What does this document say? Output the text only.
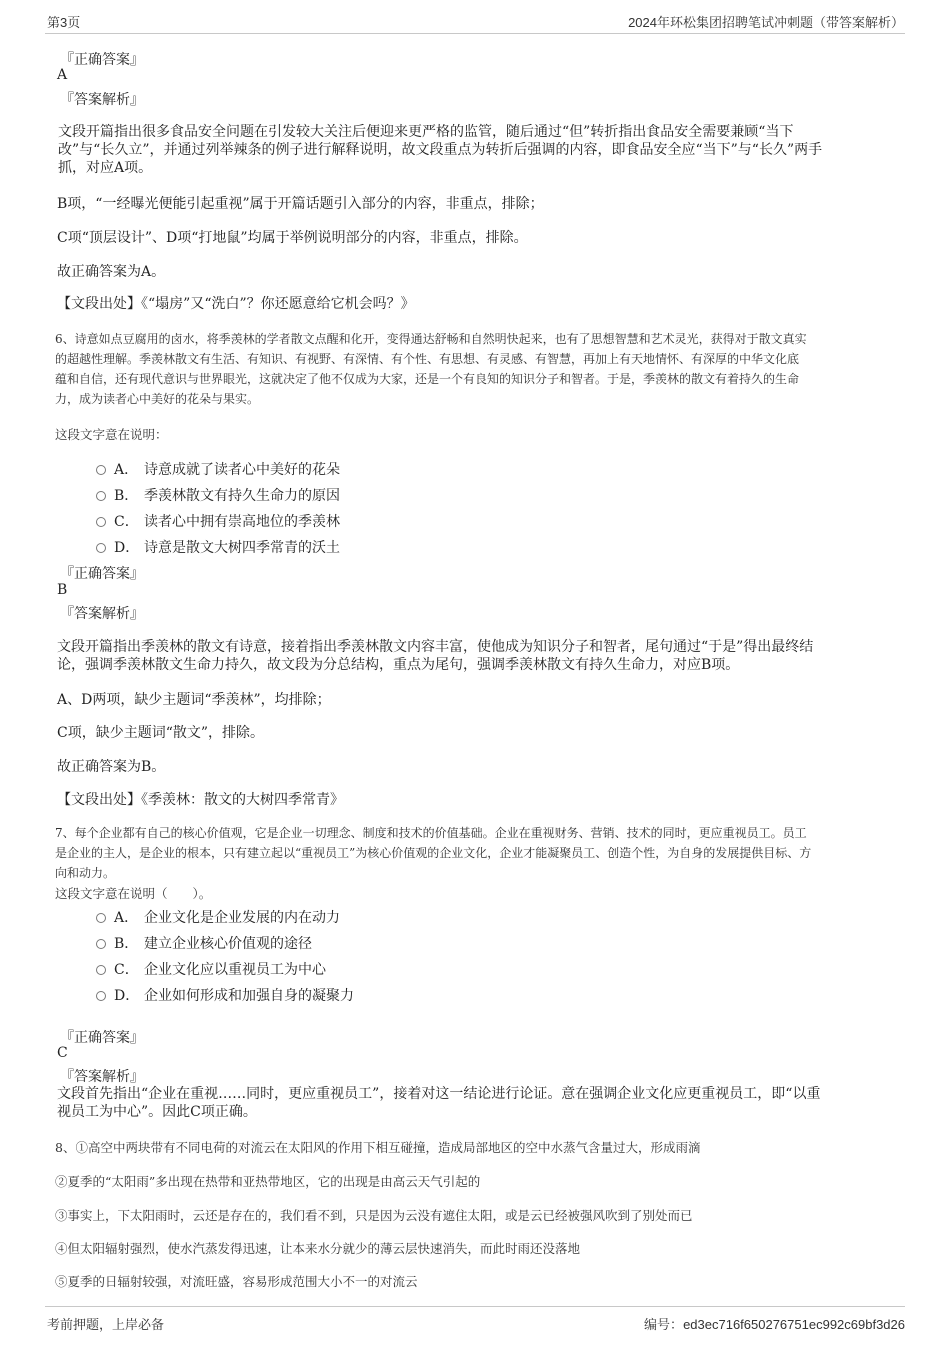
第3页	2024年环松集团招聘笔试冲刺题（带答案解析）
『正确答案』
A
『答案解析』
文段开篇指出很多食品安全问题在引发较大关注后便迎来更严格的监管，随后通过“但”转折指出食品安全需要兼顾“当下
改”与“长久立”，并通过列举辣条的例子进行解释说明，故文段重点为转折后强调的内容，即食品安全应“当下”与“长久”两手
抓，对应A项。
B项，“一经曝光便能引起重视”属于开篇话题引入部分的内容，非重点，排除；
C项“顶层设计”、D项“打地鼠”均属于举例说明部分的内容，非重点，排除。
故正确答案为A。
【文段出处】《“塌房”又“洗白”？你还愿意给它机会吗？》
6、诗意如点豆腐用的卤水，将季羡林的学者散文点醒和化开，变得通达舒畅和自然明快起来，也有了思想智慧和艺术灵光，获得对于散文真实
的超越性理解。季羡林散文有生活、有知识、有视野、有深情、有个性、有思想、有灵感、有智慧，再加上有天地情怀、有深厚的中华文化底
蕴和自信，还有现代意识与世界眼光，这就决定了他不仅成为大家，还是一个有良知的知识分子和智者。于是，季羡林的散文有着持久的生命
力，成为读者心中美好的花朵与果实。
这段文字意在说明：
A． 诗意成就了读者心中美好的花朵
B． 季羡林散文有持久生命力的原因
C． 读者心中拥有崇高地位的季羡林
D． 诗意是散文大树四季常青的沃土
『正确答案』
B
『答案解析』
文段开篇指出季羡林的散文有诗意，接着指出季羡林散文内容丰富，使他成为知识分子和智者，尾句通过“于是”得出最终结
论，强调季羡林散文生命力持久，故文段为分总结构，重点为尾句，强调季羡林散文有持久生命力，对应B项。
A、D两项，缺少主题词“季羡林”，均排除；
C项，缺少主题词“散文”，排除。
故正确答案为B。
【文段出处】《季羡林：散文的大树四季常青》
7、每个企业都有自己的核心价值观，它是企业一切理念、制度和技术的价值基础。企业在重视财务、营销、技术的同时，更应重视员工。员工
是企业的主人，是企业的根本，只有建立起以“重视员工”为核心价值观的企业文化，企业才能凝聚员工、创造个性，为自身的发展提供目标、方
向和动力。
这段文字意在说明（　　）。
A． 企业文化是企业发展的内在动力
B． 建立企业核心价值观的途径
C． 企业文化应以重视员工为中心
D． 企业如何形成和加强自身的凝聚力
『正确答案』
C
『答案解析』
文段首先指出“企业在重视……同时，更应重视员工”，接着对这一结论进行论证。意在强调企业文化应更重视员工，即“以重
视员工为中心”。因此C项正确。
8、①高空中两块带有不同电荷的对流云在太阳风的作用下相互碰撞，造成局部地区的空中水蒸气含量过大，形成雨滴
②夏季的“太阳雨”多出现在热带和亚热带地区，它的出现是由高云天气引起的
③事实上，下太阳雨时，云还是存在的，我们看不到，只是因为云没有遮住太阳，或是云已经被强风吹到了别处而已
④但太阳辐射强烈，使水汽蒸发得迅速，让本来水分就少的薄云层快速消失，而此时雨还没落地
⑤夏季的日辐射较强，对流旺盛，容易形成范围大小不一的对流云
考前押题，上岸必备	编号：ed3ec716f650276751ec992c69bf3d26
